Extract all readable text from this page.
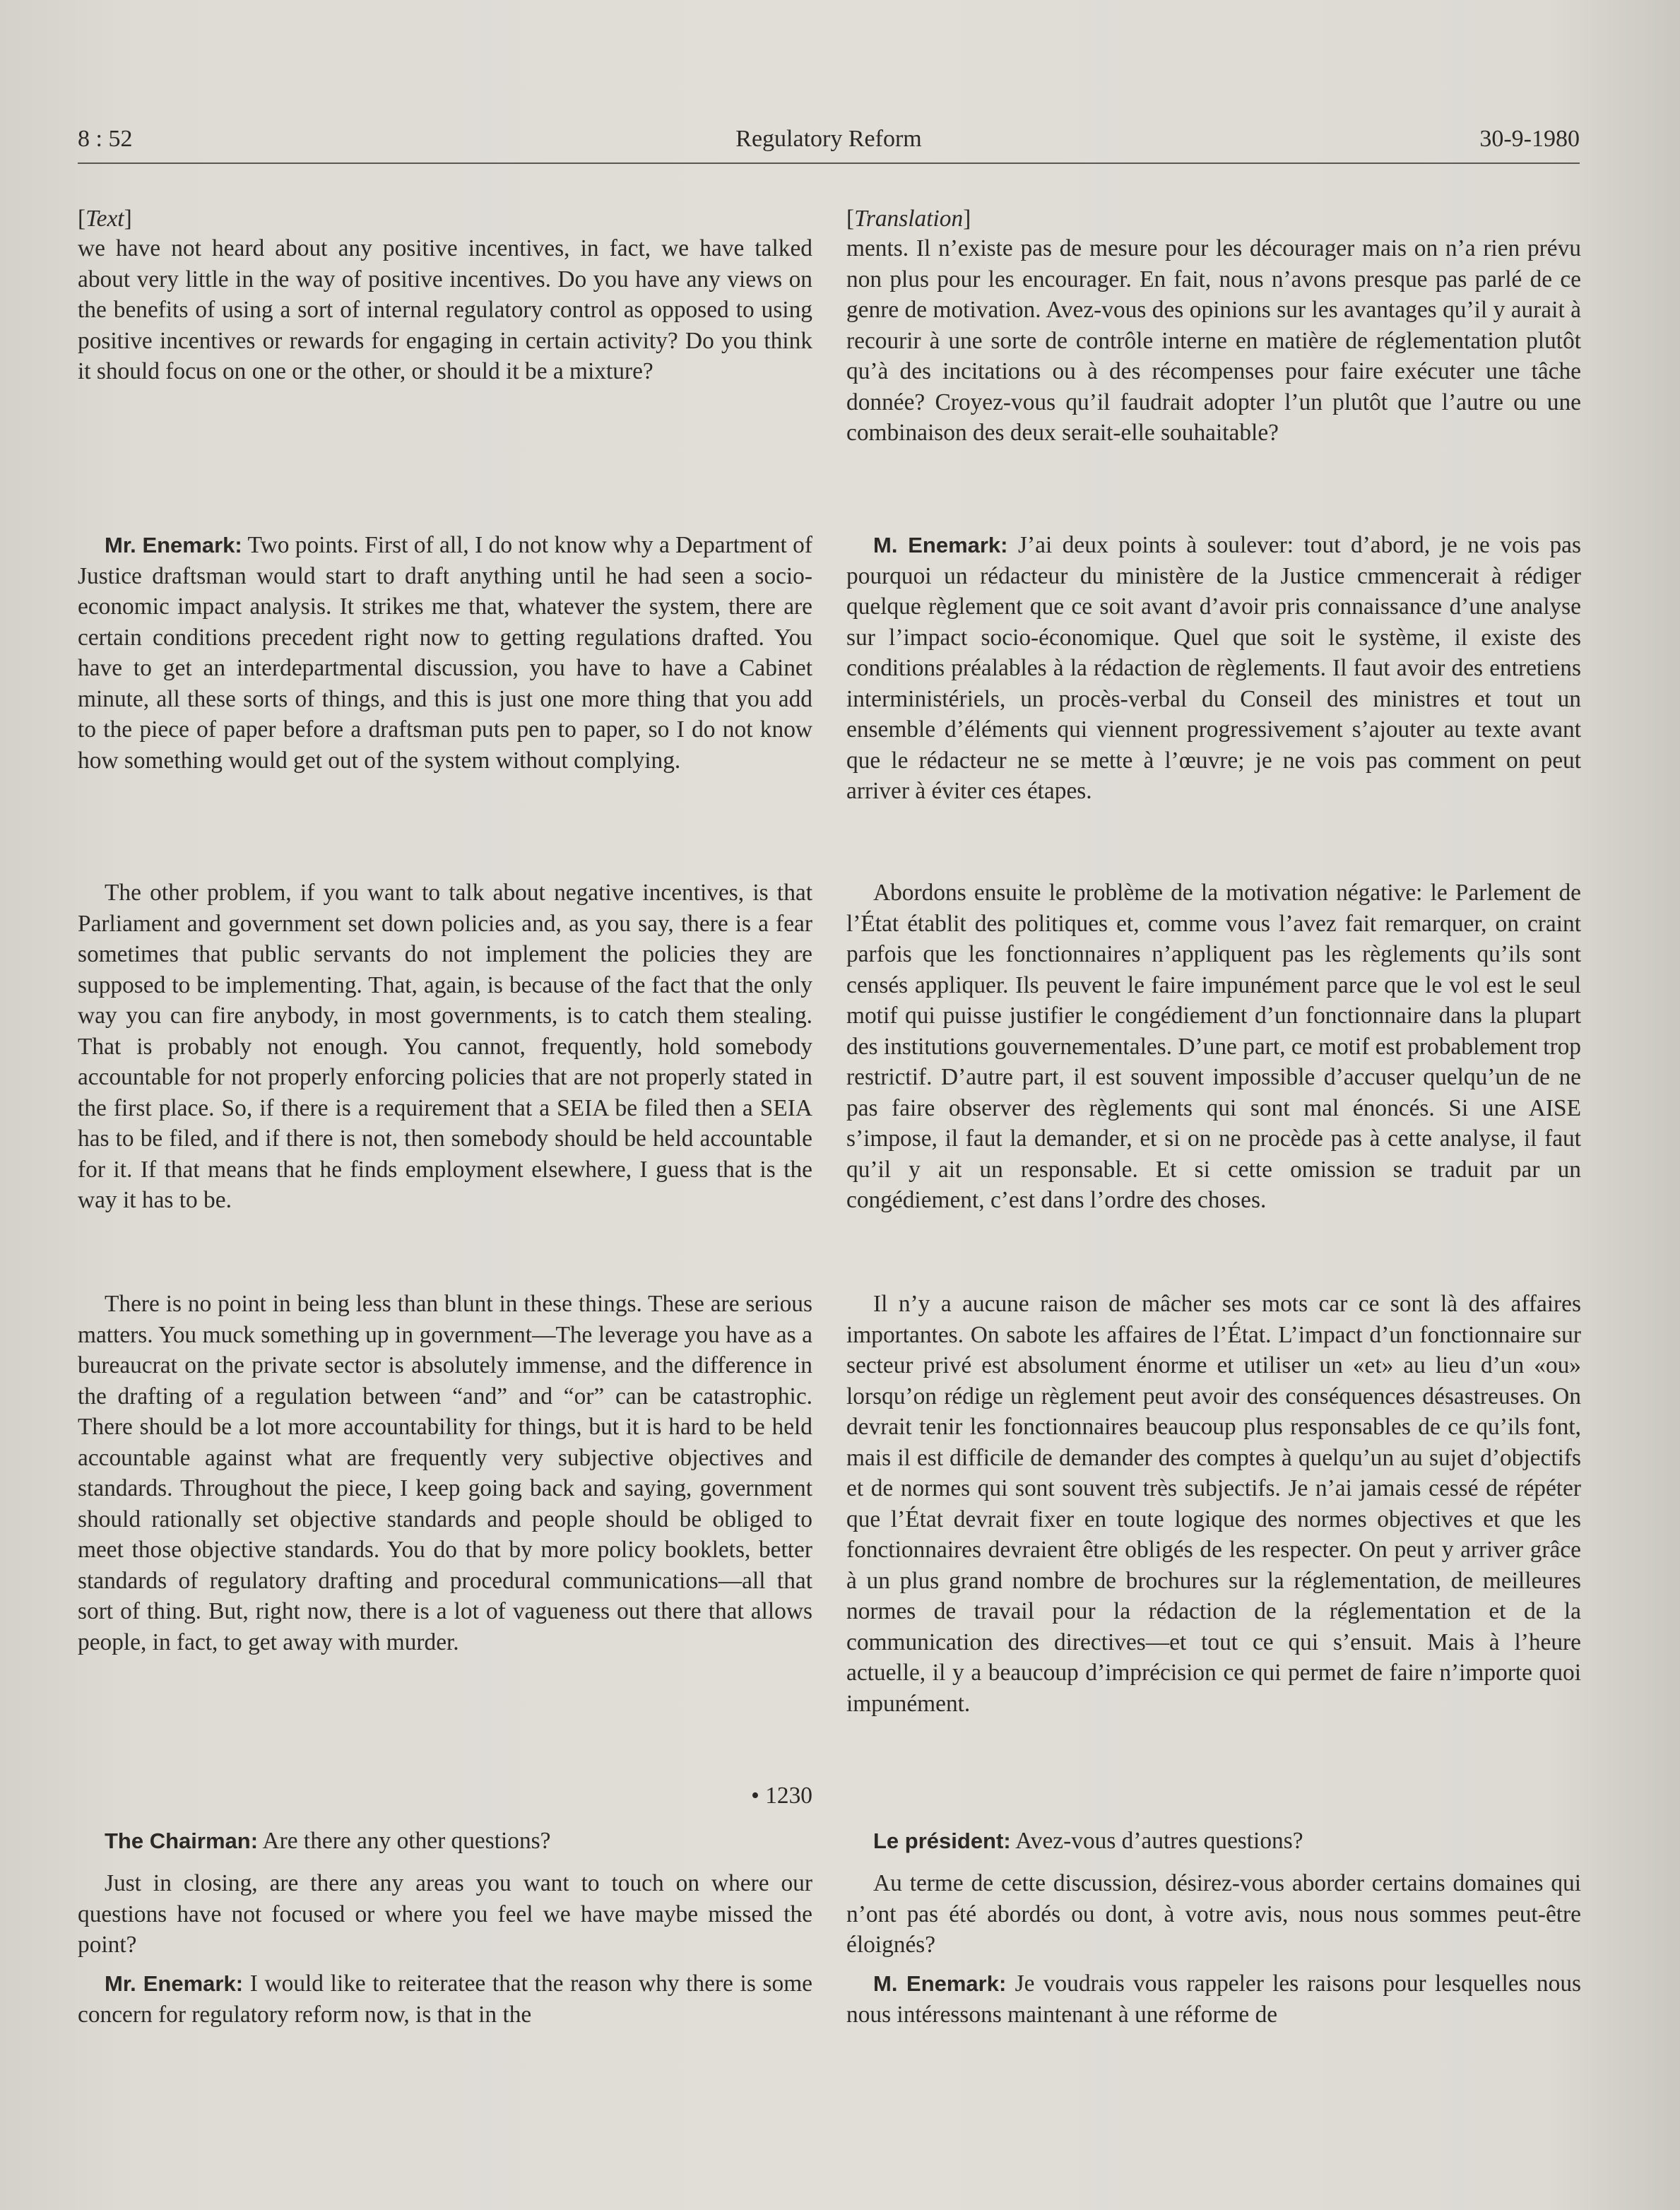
8 : 52	Regulatory Reform	30-9-1980
[Text]

we have not heard about any positive incentives, in fact, we have talked about very little in the way of positive incentives. Do you have any views on the benefits of using a sort of internal regulatory control as opposed to using positive incentives or rewards for engaging in certain activity? Do you think it should focus on one or the other, or should it be a mixture?

Mr. Enemark: Two points. First of all, I do not know why a Department of Justice draftsman would start to draft anything until he had seen a socio-economic impact analysis. It strikes me that, whatever the system, there are certain conditions precedent right now to getting regulations drafted. You have to get an interdepartmental discussion, you have to have a Cabinet minute, all these sorts of things, and this is just one more thing that you add to the piece of paper before a draftsman puts pen to paper, so I do not know how something would get out of the system without complying.

The other problem, if you want to talk about negative incentives, is that Parliament and government set down policies and, as you say, there is a fear sometimes that public servants do not implement the policies they are supposed to be implementing. That, again, is because of the fact that the only way you can fire anybody, in most governments, is to catch them stealing. That is probably not enough. You cannot, frequently, hold somebody accountable for not properly enforcing policies that are not properly stated in the first place. So, if there is a requirement that a SEIA be filed then a SEIA has to be filed, and if there is not, then somebody should be held accountable for it. If that means that he finds employment elsewhere, I guess that is the way it has to be.

There is no point in being less than blunt in these things. These are serious matters. You muck something up in government—The leverage you have as a bureaucrat on the private sector is absolutely immense, and the difference in the drafting of a regulation between “and” and “or” can be catastrophic. There should be a lot more accountability for things, but it is hard to be held accountable against what are frequently very subjective objectives and standards. Throughout the piece, I keep going back and saying, government should rationally set objective standards and people should be obliged to meet those objective standards. You do that by more policy booklets, better standards of regulatory drafting and procedural communications—all that sort of thing. But, right now, there is a lot of vagueness out there that allows people, in fact, to get away with murder.

• 1230

The Chairman: Are there any other questions?

Just in closing, are there any areas you want to touch on where our questions have not focused or where you feel we have maybe missed the point?

Mr. Enemark: I would like to reiteratee that the reason why there is some concern for regulatory reform now, is that in the

[Translation]

ments. Il n’existe pas de mesure pour les décourager mais on n’a rien prévu non plus pour les encourager. En fait, nous n’avons presque pas parlé de ce genre de motivation. Avez-vous des opinions sur les avantages qu’il y aurait à recourir à une sorte de contrôle interne en matière de réglementation plutôt qu’à des incitations ou à des récompenses pour faire exécuter une tâche donnée? Croyez-vous qu’il faudrait adopter l’un plutôt que l’autre ou une combinaison des deux serait-elle souhaitable?

M. Enemark: J’ai deux points à soulever: tout d’abord, je ne vois pas pourquoi un rédacteur du ministère de la Justice cmmencerait à rédiger quelque règlement que ce soit avant d’avoir pris connaissance d’une analyse sur l’impact socio-économique. Quel que soit le système, il existe des conditions préalables à la rédaction de règlements. Il faut avoir des entretiens interministériels, un procès-verbal du Conseil des ministres et tout un ensemble d’éléments qui viennent progressivement s’ajouter au texte avant que le rédacteur ne se mette à l’œuvre; je ne vois pas comment on peut arriver à éviter ces étapes.

Abordons ensuite le problème de la motivation négative: le Parlement de l’État établit des politiques et, comme vous l’avez fait remarquer, on craint parfois que les fonctionnaires n’appliquent pas les règlements qu’ils sont censés appliquer. Ils peuvent le faire impunément parce que le vol est le seul motif qui puisse justifier le congédiement d’un fonctionnaire dans la plupart des institutions gouvernementales. D’une part, ce motif est probablement trop restrictif. D’autre part, il est souvent impossible d’accuser quelqu’un de ne pas faire observer des règlements qui sont mal énoncés. Si une AISE s’impose, il faut la demander, et si on ne procède pas à cette analyse, il faut qu’il y ait un responsable. Et si cette omission se traduit par un congédiement, c’est dans l’ordre des choses.

Il n’y a aucune raison de mâcher ses mots car ce sont là des affaires importantes. On sabote les affaires de l’État. L’impact d’un fonctionnaire sur secteur privé est absolument énorme et utiliser un «et» au lieu d’un «ou» lorsqu’on rédige un règlement peut avoir des conséquences désastreuses. On devrait tenir les fonctionnaires beaucoup plus responsables de ce qu’ils font, mais il est difficile de demander des comptes à quelqu’un au sujet d’objectifs et de normes qui sont souvent très subjectifs. Je n’ai jamais cessé de répéter que l’État devrait fixer en toute logique des normes objectives et que les fonctionnaires devraient être obligés de les respecter. On peut y arriver grâce à un plus grand nombre de brochures sur la réglementation, de meilleures normes de travail pour la rédaction de la réglementation et de la communication des directives—et tout ce qui s’ensuit. Mais à l’heure actuelle, il y a beaucoup d’imprécision ce qui permet de faire n’importe quoi impunément.

Le président: Avez-vous d’autres questions?

Au terme de cette discussion, désirez-vous aborder certains domaines qui n’ont pas été abordés ou dont, à votre avis, nous nous sommes peut-être éloignés?

M. Enemark: Je voudrais vous rappeler les raisons pour lesquelles nous nous intéressons maintenant à une réforme de
